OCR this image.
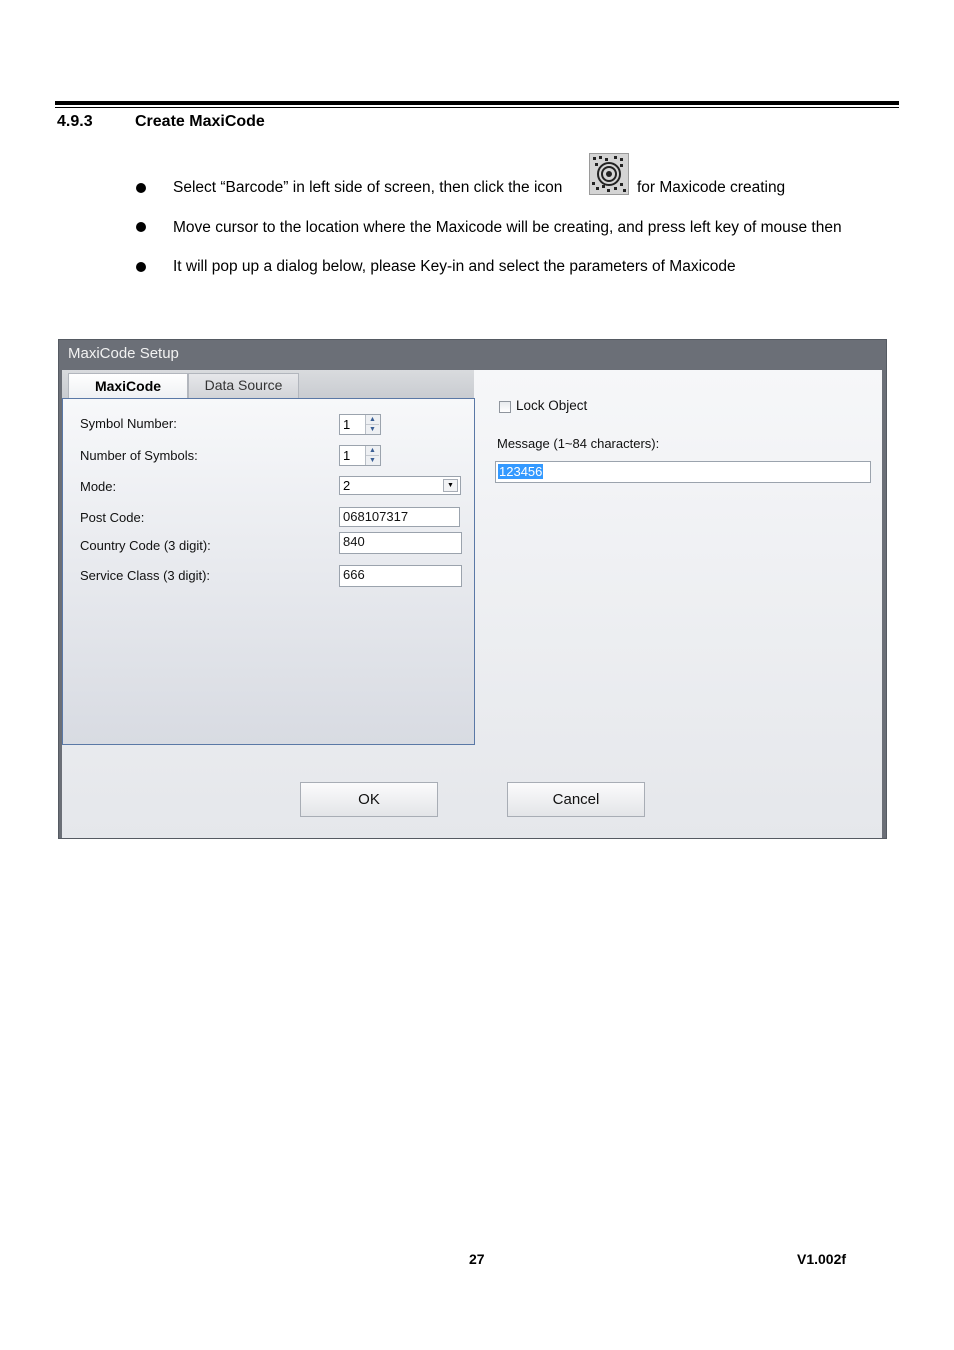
4.9.3	Create MaxiCode
Select “Barcode” in left side of screen, then click the icon	for Maxicode creating
Move cursor to the location where the Maxicode will be creating, and press left key of mouse then
It will pop up a dialog below, please Key-in and select the parameters of Maxicode
MaxiCode Setup
MaxiCode	Data Source
Symbol Number:	1	▲
▼
Number of Symbols:	1	▲
▼
Mode:	2	▼
Post Code:	068107317
Country Code (3 digit):	840
Service Class (3 digit):	666
Lock Object
Message (1~84 characters):
123456
OK	Cancel
27	V1.002f
